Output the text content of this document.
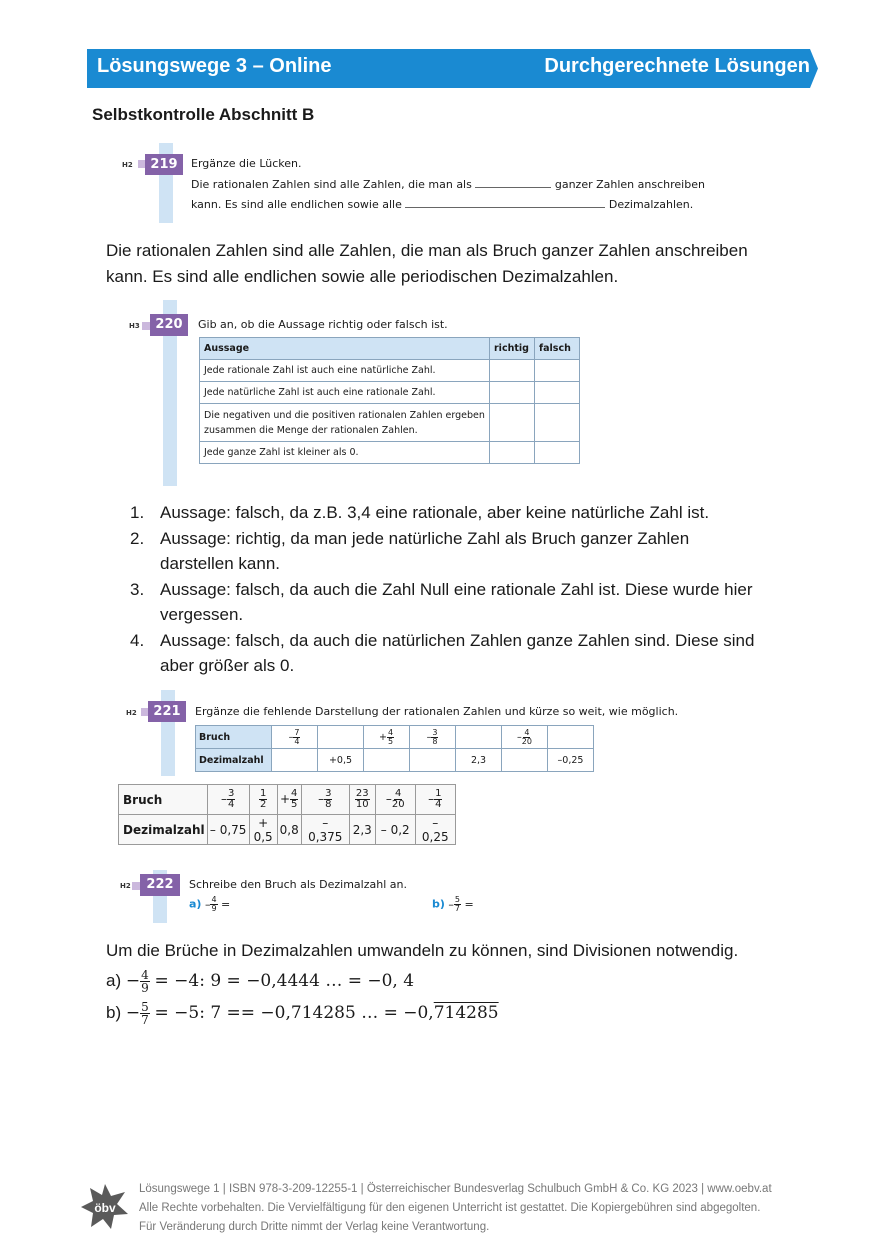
Lösungswege 3 – Online	Durchgerechnete Lösungen
Selbstkontrolle Abschnitt B
H2	219	Ergänze die Lücken.
Die rationalen Zahlen sind alle Zahlen, die man als	ganzer Zahlen anschreiben
kann. Es sind alle endlichen sowie alle	Dezimalzahlen.

Die rationalen Zahlen sind alle Zahlen, die man als Bruch ganzer Zahlen anschreiben

kann. Es sind alle endlichen sowie alle periodischen Dezimalzahlen.

H3	220	Gib an, ob die Aussage richtig oder falsch ist.
Aussage	richtig	falsch
Jede rationale Zahl ist auch eine natürliche Zahl.		
Jede natürliche Zahl ist auch eine rationale Zahl.		
Die negativen und die positiven rationalen Zahlen ergeben zusammen die Menge der rationalen Zahlen.		
Jede ganze Zahl ist kleiner als 0.		
1. Aussage: falsch, da z.B. 3,4 eine rationale, aber keine natürliche Zahl ist.
2. Aussage: richtig, da man jede natürliche Zahl als Bruch ganzer Zahlen
darstellen kann.
3. Aussage: falsch, da auch die Zahl Null eine rationale Zahl ist. Diese wurde hier
vergessen.
4. Aussage: falsch, da auch die natürlichen Zahlen ganze Zahlen sind. Diese sind
aber größer als 0.
H2	221	Ergänze die fehlende Darstellung der rationalen Zahlen und kürze so weit, wie möglich.
Bruch	– $\frac{7}{4}$		+ $\frac{4}{5}$	– $\frac{3}{8}$		– $\frac{4}{20}$

Dezimalzahl		+0,5			2,3		–0,25
Bruch	– $\frac{3}{4}$	$\frac{1}{2}$	+ $\frac{4}{5}$	– $\frac{3}{8}$	$\frac{23}{10}$	– $\frac{4}{20}$	– $\frac{1}{4}$

Dezimalzahl	– 0,75	+ 0,5	0,8	– 0,375	2,3	– 0,2	– 0,25
H2	222	Schreibe den Bruch als Dezimalzahl an.
$a) - \frac{4}{9}$ =	$b) - \frac{5}{7}$ =

Um die Brüche in Dezimalzahlen umwandeln zu können, sind Divisionen notwendig.

$a) - \frac{4}{9} = -4$: 9 = −0,4444 … = −0, 4

$b) - \frac{5}{7} = -5$: 7 == −0,714285 … = −0,714285

öbv
Lösungswege 1 | ISBN 978-3-209-12255-1 | Österreichischer Bundesverlag Schulbuch GmbH & Co. KG 2023 | www.oebv.at
Alle Rechte vorbehalten. Die Vervielfältigung für den eigenen Unterricht ist gestattet. Die Kopiergebühren sind abgegolten.
Für Veränderung durch Dritte nimmt der Verlag keine Verantwortung.
